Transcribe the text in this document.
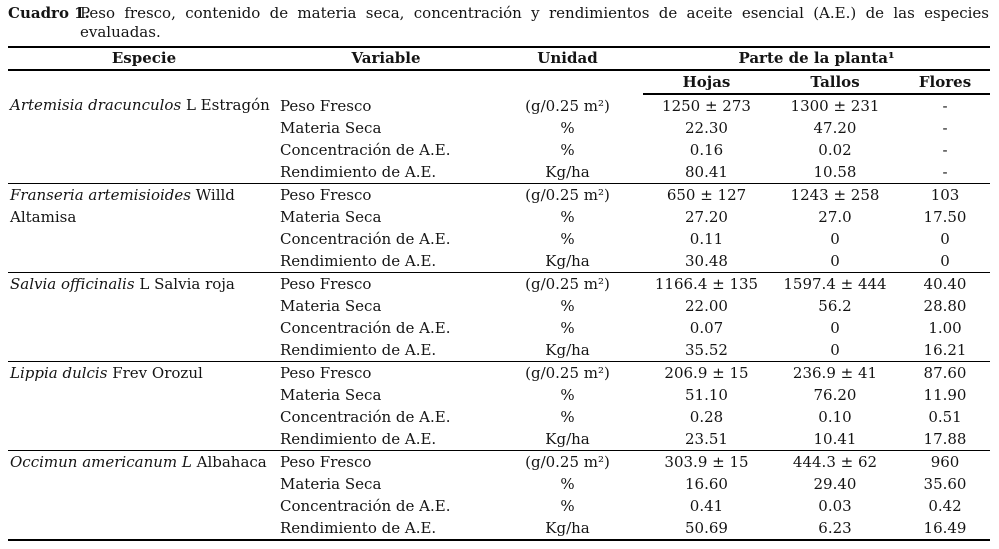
Cuadro 1.
Peso fresco, contenido de materia seca, concentración y rendimientos de aceite esencial (A.E.) de las especies
evaluadas.
Especie	Variable	Unidad	Parte de la planta¹		
			Hojas	Tallos	Flores
Artemisia dracunculos L Estragón	Peso Fresco	(g/0.25 m²)	1250 ± 273	1300 ± 231	-
	Materia Seca	%	22.30	47.20	-
	Concentración de A.E.	%	0.16	0.02	-
	Rendimiento de A.E.	Kg/ha	80.41	10.58	-
Franseria artemisioides Willd Altamisa	Peso Fresco	(g/0.25 m²)	650 ± 127	1243 ± 258	103
	Materia Seca	%	27.20	27.0	17.50
	Concentración de A.E.	%	0.11	0	0
	Rendimiento de A.E.	Kg/ha	30.48	0	0
Salvia officinalis L Salvia roja	Peso Fresco	(g/0.25 m²)	1166.4 ± 135	1597.4 ± 444	40.40
	Materia Seca	%	22.00	56.2	28.80
	Concentración de A.E.	%	0.07	0	1.00
	Rendimiento de A.E.	Kg/ha	35.52	0	16.21
Lippia dulcis Frev Orozul	Peso Fresco	(g/0.25 m²)	206.9 ± 15	236.9 ± 41	87.60
	Materia Seca	%	51.10	76.20	11.90
	Concentración de A.E.	%	0.28	0.10	0.51
	Rendimiento de A.E.	Kg/ha	23.51	10.41	17.88
Occimun americanum L Albahaca	Peso Fresco	(g/0.25 m²)	303.9 ± 15	444.3 ± 62	960
	Materia Seca	%	16.60	29.40	35.60
	Concentración de A.E.	%	0.41	0.03	0.42
	Rendimiento de A.E.	Kg/ha	50.69	6.23	16.49
